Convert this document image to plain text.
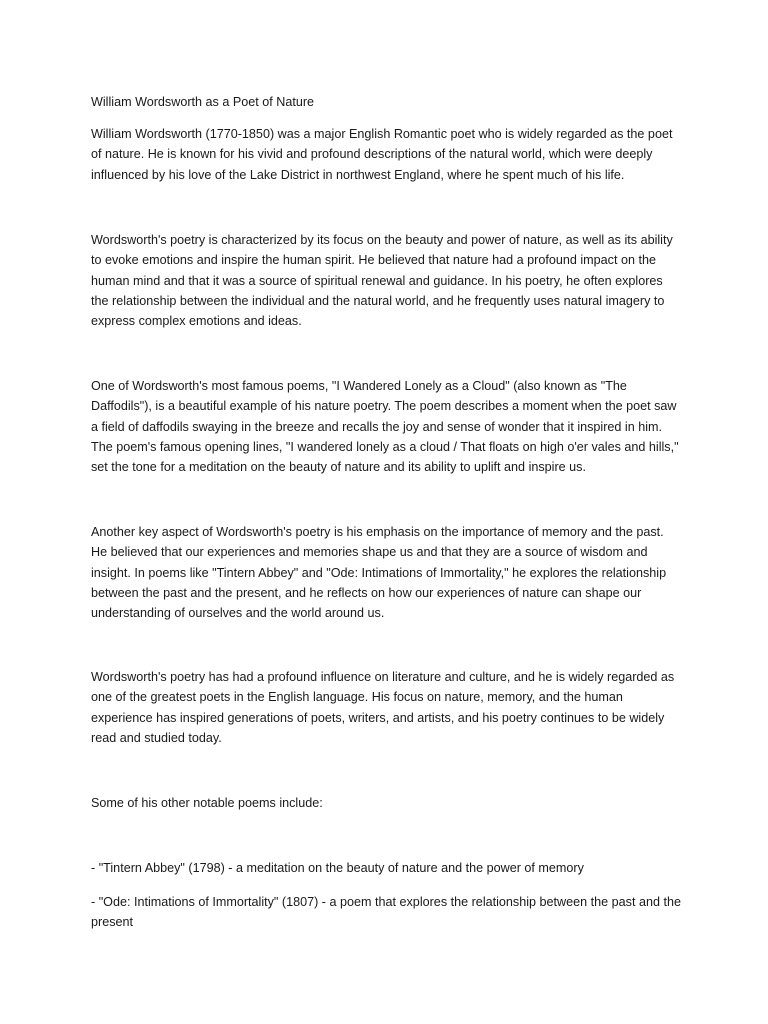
William Wordsworth as a Poet of Nature

William Wordsworth (1770-1850) was a major English Romantic poet who is widely regarded as the poet of nature. He is known for his vivid and profound descriptions of the natural world, which were deeply influenced by his love of the Lake District in northwest England, where he spent much of his life.

Wordsworth's poetry is characterized by its focus on the beauty and power of nature, as well as its ability to evoke emotions and inspire the human spirit. He believed that nature had a profound impact on the human mind and that it was a source of spiritual renewal and guidance. In his poetry, he often explores the relationship between the individual and the natural world, and he frequently uses natural imagery to express complex emotions and ideas.

One of Wordsworth's most famous poems, "I Wandered Lonely as a Cloud" (also known as "The Daffodils"), is a beautiful example of his nature poetry. The poem describes a moment when the poet saw a field of daffodils swaying in the breeze and recalls the joy and sense of wonder that it inspired in him. The poem's famous opening lines, "I wandered lonely as a cloud / That floats on high o'er vales and hills," set the tone for a meditation on the beauty of nature and its ability to uplift and inspire us.

Another key aspect of Wordsworth's poetry is his emphasis on the importance of memory and the past. He believed that our experiences and memories shape us and that they are a source of wisdom and insight. In poems like "Tintern Abbey" and "Ode: Intimations of Immortality," he explores the relationship between the past and the present, and he reflects on how our experiences of nature can shape our understanding of ourselves and the world around us.

Wordsworth's poetry has had a profound influence on literature and culture, and he is widely regarded as one of the greatest poets in the English language. His focus on nature, memory, and the human experience has inspired generations of poets, writers, and artists, and his poetry continues to be widely read and studied today.

Some of his other notable poems include:

- "Tintern Abbey" (1798) - a meditation on the beauty of nature and the power of memory

- "Ode: Intimations of Immortality" (1807) - a poem that explores the relationship between the past and the present
